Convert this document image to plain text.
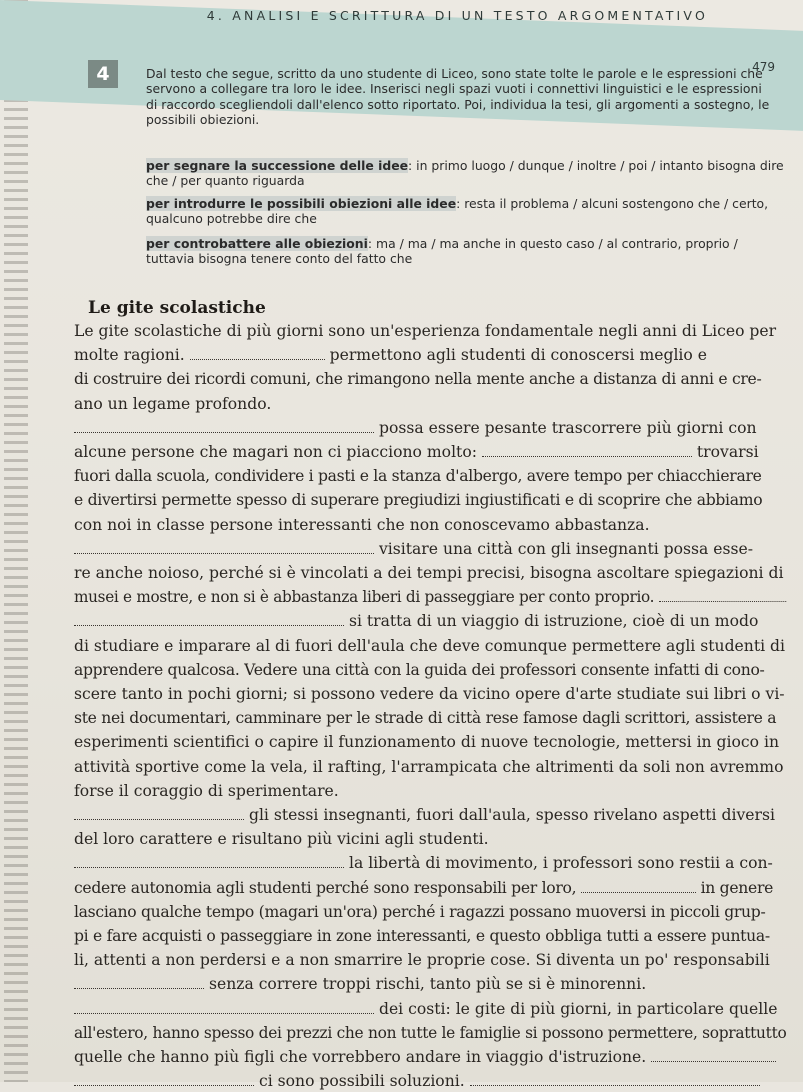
4. ANALISI E SCRITTURA DI UN TESTO ARGOMENTATIVO
479
4	Dal testo che segue, scritto da uno studente di Liceo, sono state tolte le parole e le espressioni che servono a collegare tra loro le idee. Inserisci negli spazi vuoti i connettivi linguistici e le espressioni di raccordo scegliendoli dall'elenco sotto riportato. Poi, individua la tesi, gli argomenti a sostegno, le possibili obiezioni.

per segnare la successione delle idee: in primo luogo / dunque / inoltre / poi / intanto bisogna dire che / per quanto riguarda
per introdurre le possibili obiezioni alle idee: resta il problema / alcuni sostengono che / certo, qualcuno potrebbe dire che
per controbattere alle obiezioni: ma / ma / ma anche in questo caso / al contrario, proprio / tuttavia bisogna tenere conto del fatto che
Le gite scolastiche
Le gite scolastiche di più giorni sono un'esperienza fondamentale negli anni di Liceo per
molte ragioni.	permettono agli studenti di conoscersi meglio e
di costruire dei ricordi comuni, che rimangono nella mente anche a distanza di anni e cre-
ano un legame profondo.
possa essere pesante trascorrere più giorni con
alcune persone che magari non ci piacciono molto:	trovarsi
fuori dalla scuola, condividere i pasti e la stanza d'albergo, avere tempo per chiacchierare
e divertirsi permette spesso di superare pregiudizi ingiustificati e di scoprire che abbiamo
con noi in classe persone interessanti che non conoscevamo abbastanza.
visitare una città con gli insegnanti possa esse-
re anche noioso, perché si è vincolati a dei tempi precisi, bisogna ascoltare spiegazioni di
musei e mostre, e non si è abbastanza liberi di passeggiare per conto proprio.
si tratta di un viaggio di istruzione, cioè di un modo
di studiare e imparare al di fuori dell'aula che deve comunque permettere agli studenti di
apprendere qualcosa. Vedere una città con la guida dei professori consente infatti di cono-
scere tanto in pochi giorni; si possono vedere da vicino opere d'arte studiate sui libri o vi-
ste nei documentari, camminare per le strade di città rese famose dagli scrittori, assistere a
esperimenti scientifici o capire il funzionamento di nuove tecnologie, mettersi in gioco in
attività sportive come la vela, il rafting, l'arrampicata che altrimenti da soli non avremmo
forse il coraggio di sperimentare.
gli stessi insegnanti, fuori dall'aula, spesso rivelano aspetti diversi
del loro carattere e risultano più vicini agli studenti.
la libertà di movimento, i professori sono restii a con-
cedere autonomia agli studenti perché sono responsabili per loro,	in genere
lasciano qualche tempo (magari un'ora) perché i ragazzi possano muoversi in piccoli grup-
pi e fare acquisti o passeggiare in zone interessanti, e questo obbliga tutti a essere puntua-
li, attenti a non perdersi e a non smarrire le proprie cose. Si diventa un po' responsabili
senza correre troppi rischi, tanto più se si è minorenni.
dei costi: le gite di più giorni, in particolare quelle
all'estero, hanno spesso dei prezzi che non tutte le famiglie si possono permettere, soprattutto
quelle che hanno più figli che vorrebbero andare in viaggio d'istruzione.
ci sono possibili soluzioni.
